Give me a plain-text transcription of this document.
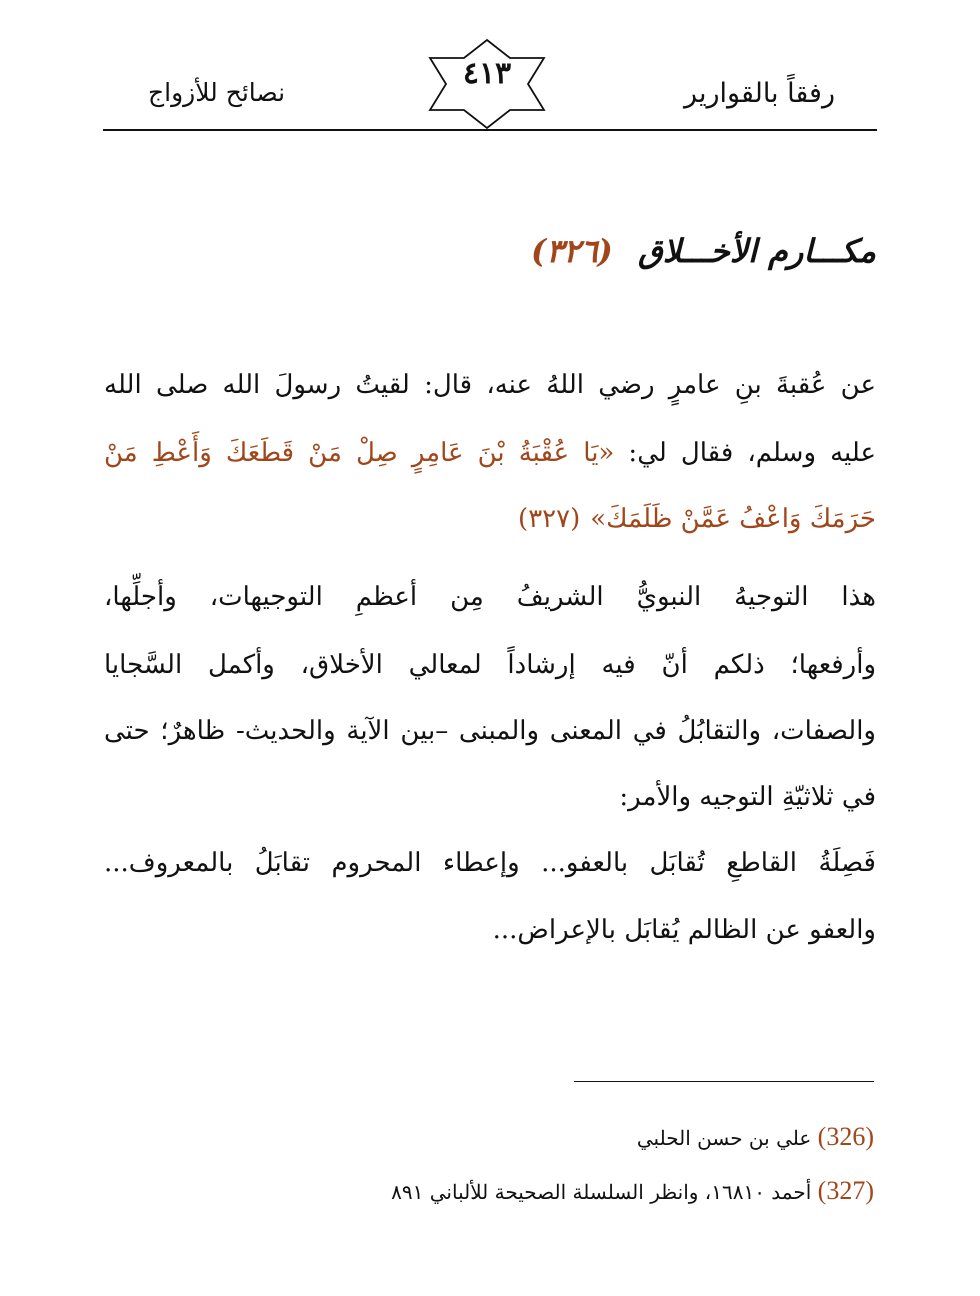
رفقاً بالقوارير
٤١٣
نصائح للأزواج
مكـــارم الأخـــلاق (٣٢٦)
عن عُقبةَ بنِ عامرٍ رضي اللهُ عنه، قال: لقيتُ رسولَ الله صلى الله
عليه وسلم، فقال لي: «يَا عُقْبَةُ بْنَ عَامِرٍ صِلْ مَنْ قَطَعَكَ وَأَعْطِ مَنْ
حَرَمَكَ وَاعْفُ عَمَّنْ ظَلَمَكَ»(٣٢٧)
هذا التوجيهُ النبويُّ الشريفُ مِن أعظمِ التوجيهات، وأجلِّها،
وأرفعها؛ ذلكم أنّ فيه إرشاداً لمعالي الأخلاق، وأكمل السَّجايا
والصفات، والتقابُلُ في المعنى والمبنى –بين الآية والحديث- ظاهرٌ؛ حتى
في ثلاثيّةِ التوجيه والأمر:
فَصِلَةُ القاطعِ تُقابَل بالعفو... وإعطاء المحروم تقابَلُ بالمعروف...
والعفو عن الظالم يُقابَل بالإعراض...
(326) علي بن حسن الحلبي
(327) أحمد ١٦٨١٠، وانظر السلسلة الصحيحة للألباني ٨٩١
